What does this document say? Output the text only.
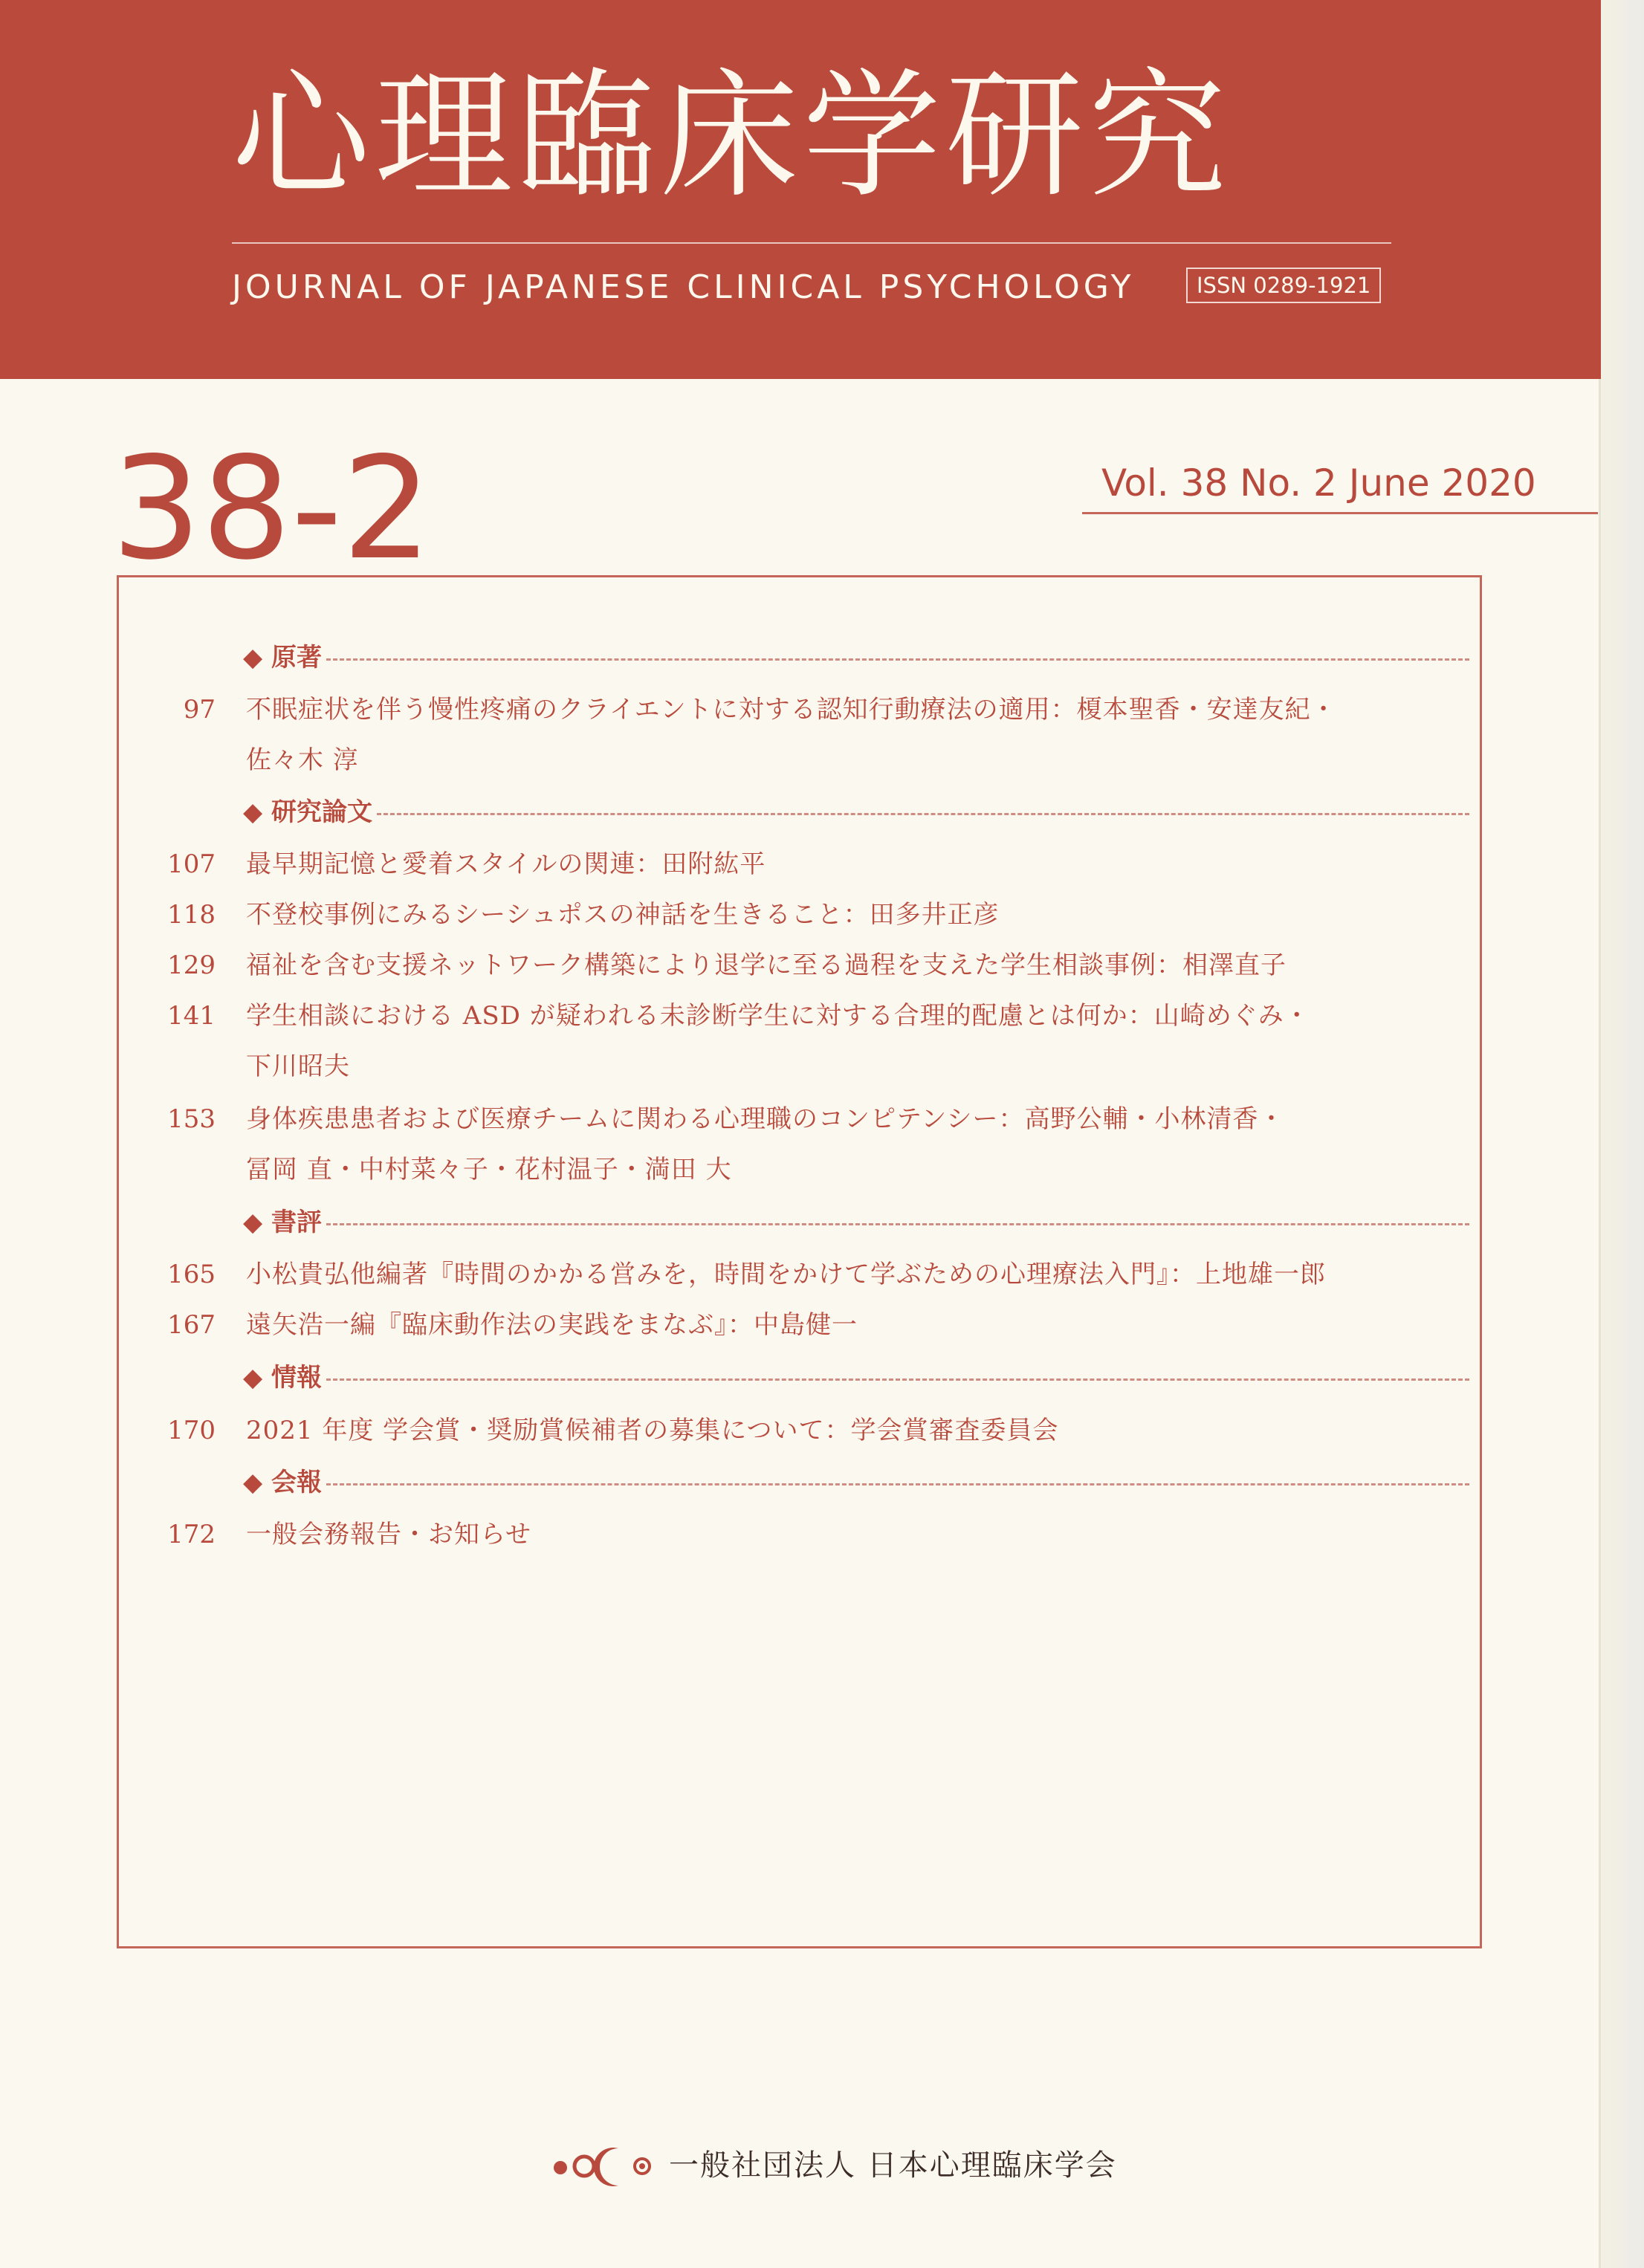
心理臨床学研究
JOURNAL OF JAPANESE CLINICAL PSYCHOLOGY	ISSN 0289-1921
38-2	Vol. 38 No. 2 June 2020
◆ 原著
97 不眠症状を伴う慢性疼痛のクライエントに対する認知行動療法の適用：榎本聖香・安達友紀・
佐々木 淳
◆ 研究論文
107 最早期記憶と愛着スタイルの関連：田附紘平
118 不登校事例にみるシーシュポスの神話を生きること：田多井正彦
129 福祉を含む支援ネットワーク構築により退学に至る過程を支えた学生相談事例：相澤直子
141 学生相談における ASD が疑われる未診断学生に対する合理的配慮とは何か：山崎めぐみ・
下川昭夫
153 身体疾患患者および医療チームに関わる心理職のコンピテンシー：高野公輔・小林清香・
冨岡 直・中村菜々子・花村温子・満田 大
◆ 書評
165 小松貴弘他編著『時間のかかる営みを，時間をかけて学ぶための心理療法入門』：上地雄一郎
167 遠矢浩一編『臨床動作法の実践をまなぶ』：中島健一
◆ 情報
170 2021 年度 学会賞・奨励賞候補者の募集について：学会賞審査委員会
◆ 会報
172 一般会務報告・お知らせ
一般社団法人 日本心理臨床学会
